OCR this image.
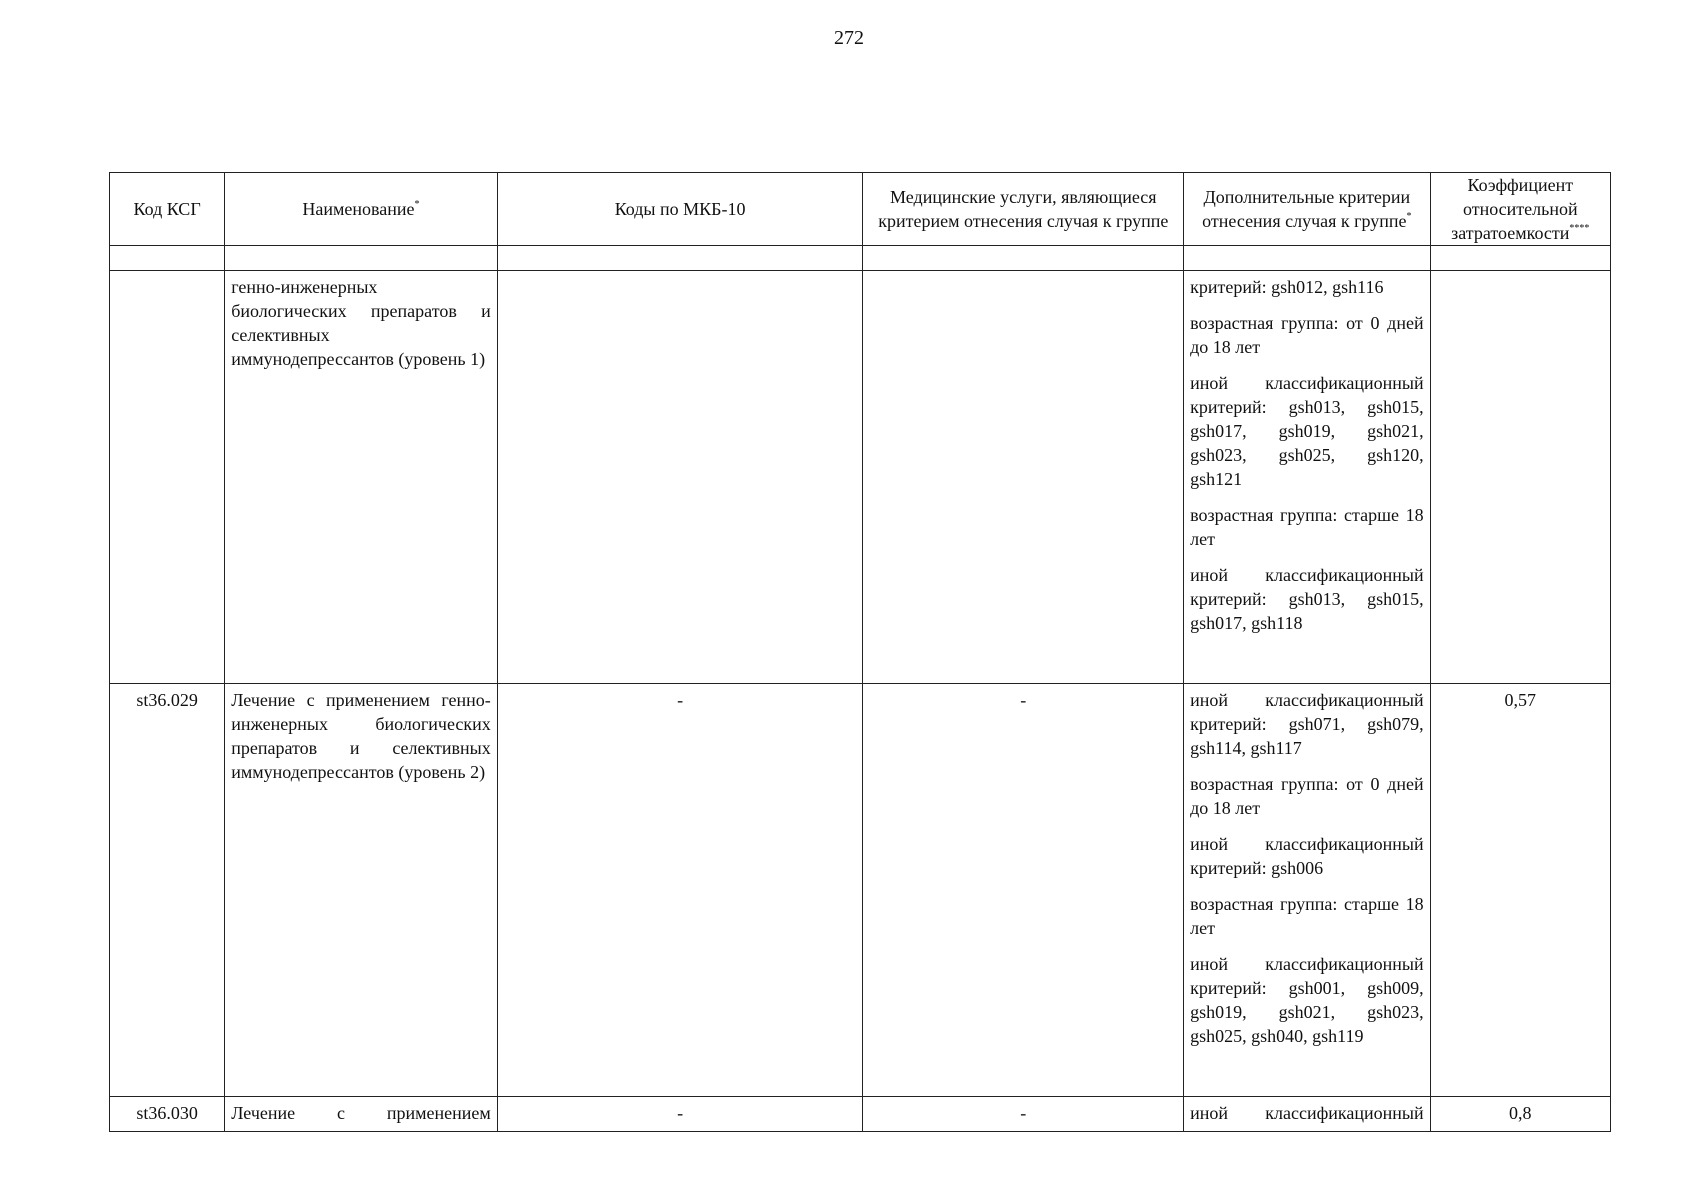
272
Код КСГ	Наименование*	Коды по МКБ-10	Медицинские услуги, являющиеся критерием отнесения случая к группе	Дополнительные критерии отнесения случая к группе*	Коэффициент относительной затратоемкости****

	генно-инженерных биологических препаратов и селективных иммунодепрессантов (уровень 1)			критерий: gsh012, gsh116

возрастная группа: от 0 дней до 18 лет

иной классификационный критерий: gsh013, gsh015, gsh017, gsh019, gsh021, gsh023, gsh025, gsh120, gsh121

возрастная группа: старше 18 лет

иной классификационный критерий: gsh013, gsh015, gsh017, gsh118	

st36.029	Лечение с применением генно-инженерных биологических препаратов и селективных иммунодепрессантов (уровень 2)	-	-	иной классификационный критерий: gsh071, gsh079, gsh114, gsh117

возрастная группа: от 0 дней до 18 лет

иной классификационный критерий: gsh006

возрастная группа: старше 18 лет

иной классификационный критерий: gsh001, gsh009, gsh019, gsh021, gsh023, gsh025, gsh040, gsh119	0,57
st36.030	Лечение с применением	-	-	иной классификационный	0,8
